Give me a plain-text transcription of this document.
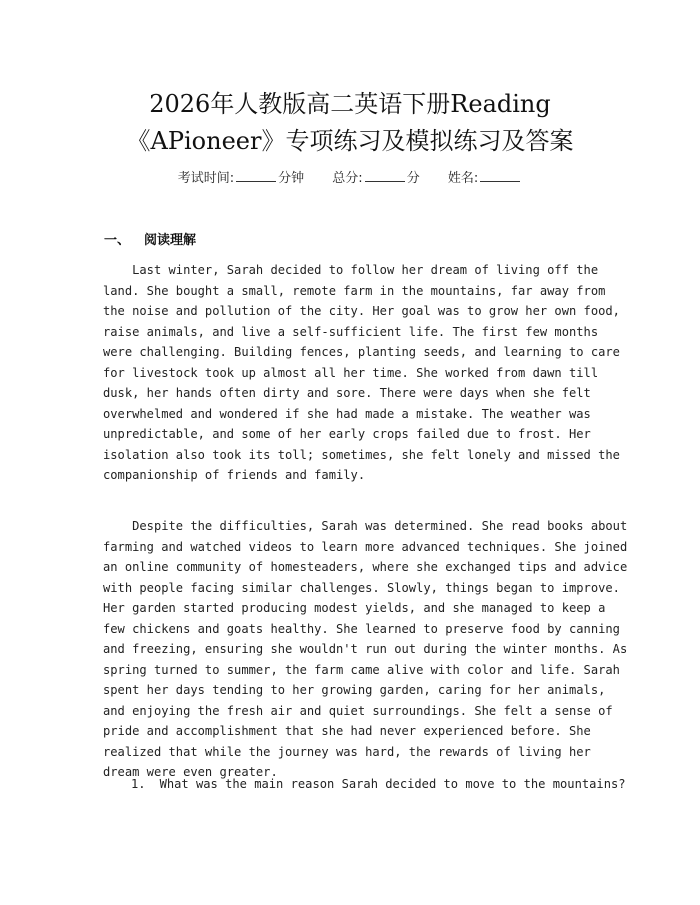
2026年人教版高二英语下册Reading
《APioneer》专项练习及模拟练习及答案
考试时间:	分钟 总分:	分 姓名:
一、 阅读理解
Last winter, Sarah decided to follow her dream of living off the
land. She bought a small, remote farm in the mountains, far away from
the noise and pollution of the city. Her goal was to grow her own food,
raise animals, and live a self-sufficient life. The first few months
were challenging. Building fences, planting seeds, and learning to care
for livestock took up almost all her time. She worked from dawn till
dusk, her hands often dirty and sore. There were days when she felt
overwhelmed and wondered if she had made a mistake. The weather was
unpredictable, and some of her early crops failed due to frost. Her
isolation also took its toll; sometimes, she felt lonely and missed the
companionship of friends and family.
Despite the difficulties, Sarah was determined. She read books about
farming and watched videos to learn more advanced techniques. She joined
an online community of homesteaders, where she exchanged tips and advice
with people facing similar challenges. Slowly, things began to improve.
Her garden started producing modest yields, and she managed to keep a
few chickens and goats healthy. She learned to preserve food by canning
and freezing, ensuring she wouldn't run out during the winter months. As
spring turned to summer, the farm came alive with color and life. Sarah
spent her days tending to her growing garden, caring for her animals,
and enjoying the fresh air and quiet surroundings. She felt a sense of
pride and accomplishment that she had never experienced before. She
realized that while the journey was hard, the rewards of living her
dream were even greater.
1. What was the main reason Sarah decided to move to the mountains?
